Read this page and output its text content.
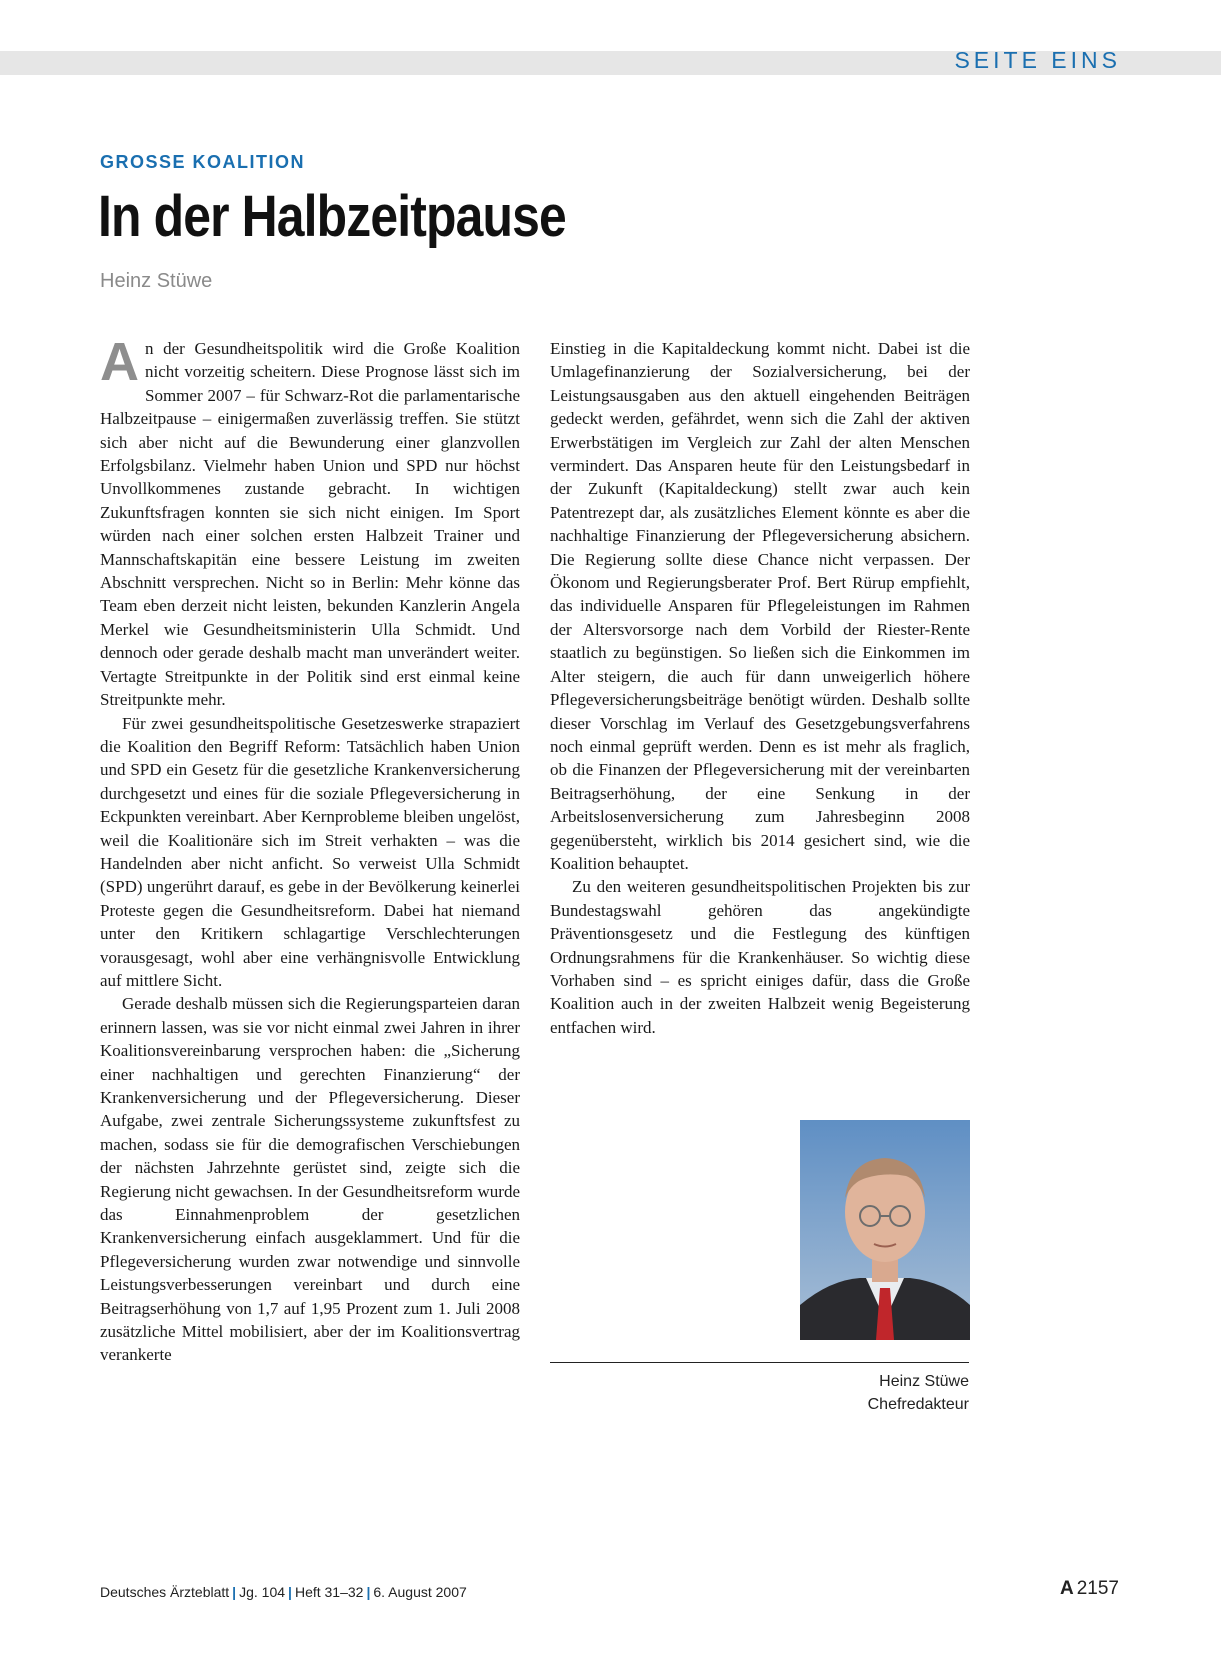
SEITE EINS
GROSSE KOALITION
In der Halbzeitpause
Heinz Stüwe

An der Gesundheitspolitik wird die Große Koalition nicht vorzeitig scheitern. Diese Prognose lässt sich im Sommer 2007 – für Schwarz-Rot die parlamentarische Halbzeitpause – einigermaßen zuverlässig treffen. Sie stützt sich aber nicht auf die Bewunderung einer glanzvollen Erfolgsbilanz. Vielmehr haben Union und SPD nur höchst Unvollkommenes zustande gebracht. In wichtigen Zukunftsfragen konnten sie sich nicht einigen. Im Sport würden nach einer solchen ersten Halbzeit Trainer und Mannschaftskapitän eine bessere Leistung im zweiten Abschnitt versprechen. Nicht so in Berlin: Mehr könne das Team eben derzeit nicht leisten, bekunden Kanzlerin Angela Merkel wie Gesundheitsministerin Ulla Schmidt. Und dennoch oder gerade deshalb macht man unverändert weiter. Vertagte Streitpunkte in der Politik sind erst einmal keine Streitpunkte mehr.

Für zwei gesundheitspolitische Gesetzeswerke strapaziert die Koalition den Begriff Reform: Tatsächlich haben Union und SPD ein Gesetz für die gesetzliche Krankenversicherung durchgesetzt und eines für die soziale Pflegeversicherung in Eckpunkten vereinbart. Aber Kernprobleme bleiben ungelöst, weil die Koalitionäre sich im Streit verhakten – was die Handelnden aber nicht anficht. So verweist Ulla Schmidt (SPD) ungerührt darauf, es gebe in der Bevölkerung keinerlei Proteste gegen die Gesundheitsreform. Dabei hat niemand unter den Kritikern schlagartige Verschlechterungen vorausgesagt, wohl aber eine verhängnisvolle Entwicklung auf mittlere Sicht.

Gerade deshalb müssen sich die Regierungsparteien daran erinnern lassen, was sie vor nicht einmal zwei Jahren in ihrer Koalitionsvereinbarung versprochen haben: die „Sicherung einer nachhaltigen und gerechten Finanzierung“ der Krankenversicherung und der Pflegeversicherung. Dieser Aufgabe, zwei zentrale Sicherungssysteme zukunftsfest zu machen, sodass sie für die demografischen Verschiebungen der nächsten Jahrzehnte gerüstet sind, zeigte sich die Regierung nicht gewachsen. In der Gesundheitsreform wurde das Einnahmenproblem der gesetzlichen Krankenversicherung einfach ausgeklammert. Und für die Pflegeversicherung wurden zwar notwendige und sinnvolle Leistungsverbesserungen vereinbart und durch eine Beitragserhöhung von 1,7 auf 1,95 Prozent zum 1. Juli 2008 zusätzliche Mittel mobilisiert, aber der im Koalitionsvertrag verankerte

Einstieg in die Kapitaldeckung kommt nicht. Dabei ist die Umlagefinanzierung der Sozialversicherung, bei der Leistungsausgaben aus den aktuell eingehenden Beiträgen gedeckt werden, gefährdet, wenn sich die Zahl der aktiven Erwerbstätigen im Vergleich zur Zahl der alten Menschen vermindert. Das Ansparen heute für den Leistungsbedarf in der Zukunft (Kapitaldeckung) stellt zwar auch kein Patentrezept dar, als zusätzliches Element könnte es aber die nachhaltige Finanzierung der Pflegeversicherung absichern. Die Regierung sollte diese Chance nicht verpassen. Der Ökonom und Regierungsberater Prof. Bert Rürup empfiehlt, das individuelle Ansparen für Pflegeleistungen im Rahmen der Altersvorsorge nach dem Vorbild der Riester-Rente staatlich zu begünstigen. So ließen sich die Einkommen im Alter steigern, die auch für dann unweigerlich höhere Pflegeversicherungsbeiträge benötigt würden. Deshalb sollte dieser Vorschlag im Verlauf des Gesetzgebungsverfahrens noch einmal geprüft werden. Denn es ist mehr als fraglich, ob die Finanzen der Pflegeversicherung mit der vereinbarten Beitragserhöhung, der eine Senkung in der Arbeitslosenversicherung zum Jahresbeginn 2008 gegenübersteht, wirklich bis 2014 gesichert sind, wie die Koalition behauptet.

Zu den weiteren gesundheitspolitischen Projekten bis zur Bundestagswahl gehören das angekündigte Präventionsgesetz und die Festlegung des künftigen Ordnungsrahmens für die Krankenhäuser. So wichtig diese Vorhaben sind – es spricht einiges dafür, dass die Große Koalition auch in der zweiten Halbzeit wenig Begeisterung entfachen wird.

Heinz Stüwe
Chefredakteur
Deutsches Ärzteblatt | Jg. 104 | Heft 31–32 | 6. August 2007	A 2157
